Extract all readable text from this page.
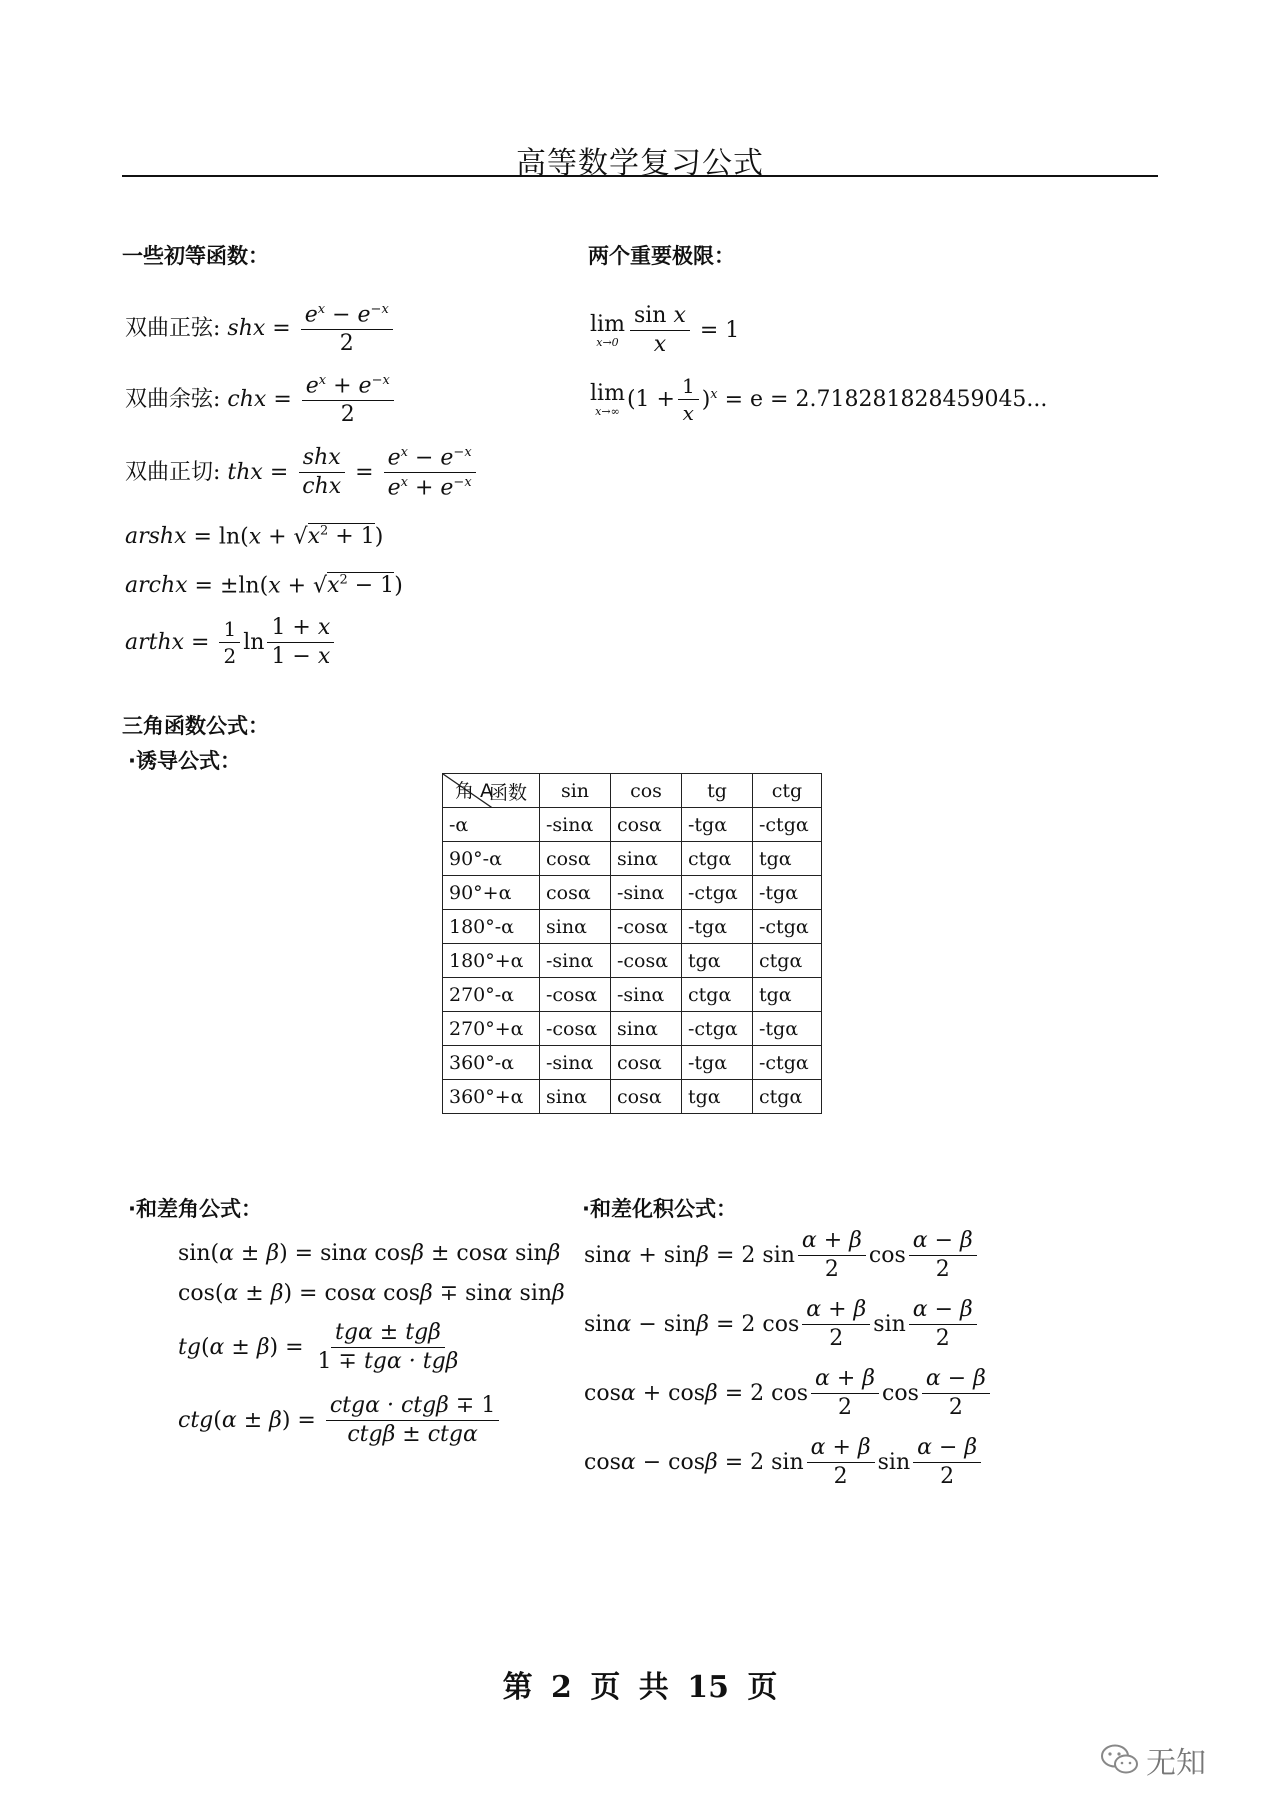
高等数学复习公式
一些初等函数：	两个重要极限：
双曲正弦 : shx = $\frac{e^x - e^{-x}}{2}$
双曲余弦 : chx = $\frac{e^x + e^{-x}}{2}$
双曲正切 : thx = $\frac{\text{shx}}{\text{chx}} = \frac{e^x - e^{-x}}{e^x + e^{-x}}$
arshx = $\ln(x + √x^2 + 1)$
archx = $\pm\ln(x + √x^2 - 1)$
arthx = $\frac{1}{2}$ $\ln \frac{1 + x}{1 - x}$
lim
$x\to 0 \frac{\text{sin x}}{x} = 1$
lim
x→∞ $(1 + \frac{1}{x} )^x = e = 2.718281828459045$...
三角函数公式：
·诱导公式：
函数
角 A	sin	cos	tg	ctg
-α	-sinα	cosα	-tgα	-ctgα
90°-α	cosα	sinα	ctgα	tgα
90°+α	cosα	-sinα	-ctgα	-tgα
180°-α	sinα	-cosα	-tgα	-ctgα
180°+α	-sinα	-cosα	tgα	ctgα
270°-α	-cosα	-sinα	ctgα	tgα
270°+α	-cosα	sinα	-ctgα	-tgα
360°-α	-sinα	cosα	-tgα	-ctgα
360°+α	sinα	cosα	tgα	ctgα
·和差角公式：
sin(α ± β) = sinα cosβ ± cosα sinβ
cos(α ± β) = cosα cosβ ∓ sinα sinβ
tg $(\alpha \pm \beta) = \frac{\text{tgα ± tgβ}}{\text{1 ∓ tgα · tgβ}}$
ctg $(\alpha \pm \beta) = \frac{\text{ctgα · ctgβ ∓ 1}}{\text{ctgβ ± ctgα}}$
·和差化积公式：
sinα + sinβ = 2 $\sin \frac{\alpha + \beta}{2}$ $\cos \frac{\alpha - \beta}{2}$
sinα − sinβ = 2 $\cos \frac{\alpha + \beta}{2}$ $\sin \frac{\alpha - \beta}{2}$
cosα + cosβ = 2 $\cos \frac{\alpha + \beta}{2}$ $\cos \frac{\alpha - \beta}{2}$
cosα − cosβ = 2 $\sin \frac{\alpha + \beta}{2}$ $\sin \frac{\alpha - \beta}{2}$
第 2 页 共 15 页
无知
